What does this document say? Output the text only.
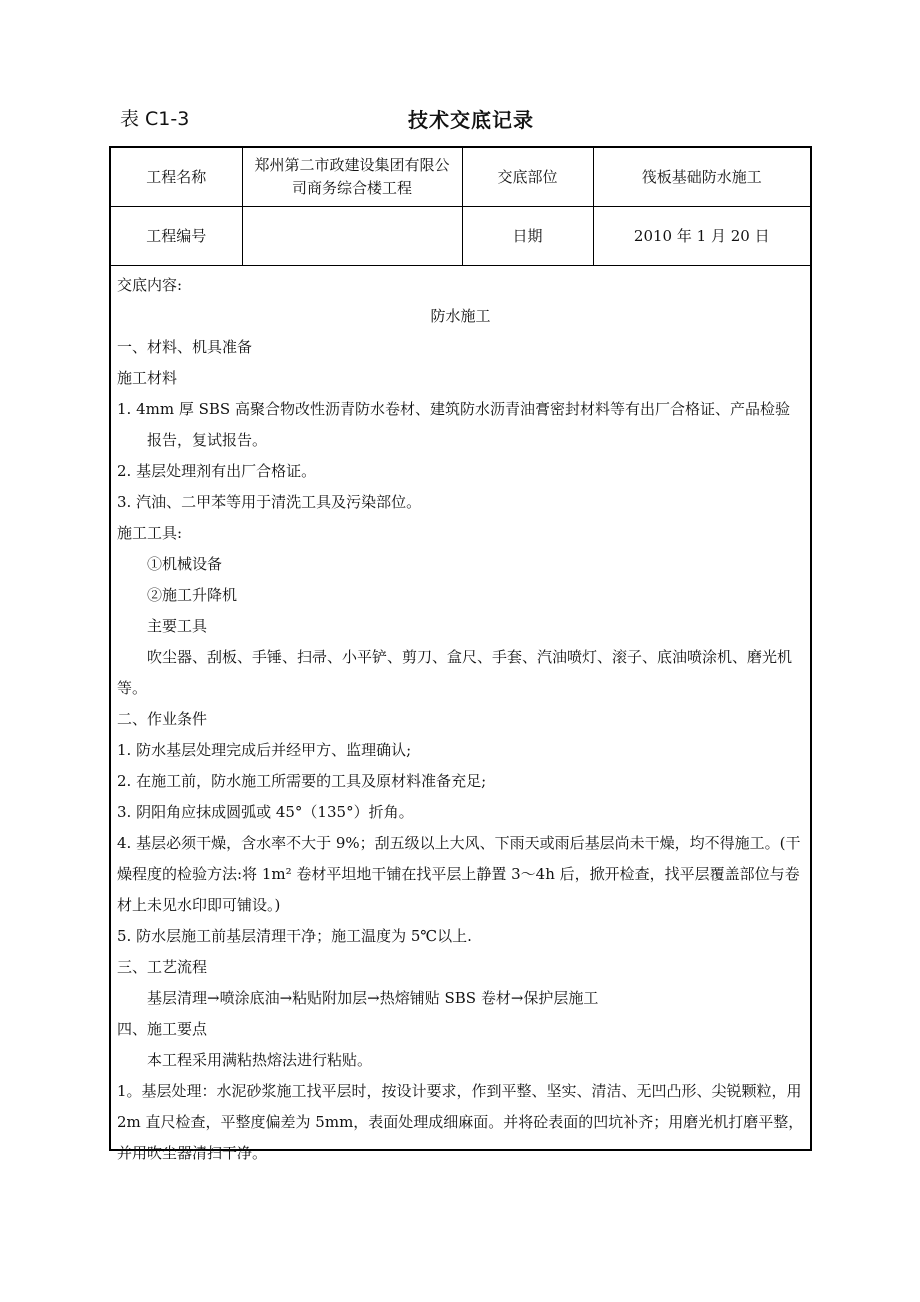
表 C1-3	技术交底记录
工程名称	郑州第二市政建设集团有限公司商务综合楼工程	交底部位	筏板基础防水施工
工程编号		日期	2010 年 1 月 20 日

交底内容:

防水施工

一、材料、机具准备

施工材料

1. 4mm 厚 SBS 高聚合物改性沥青防水卷材、建筑防水沥青油膏密封材料等有出厂合格证、产品检验报告，复试报告。

2. 基层处理剂有出厂合格证。

3. 汽油、二甲苯等用于清洗工具及污染部位。

施工工具:

①机械设备

②施工升降机

主要工具

吹尘器、刮板、手锤、扫帚、小平铲、剪刀、盒尺、手套、汽油喷灯、滚子、底油喷涂机、磨光机等。

二、作业条件

1. 防水基层处理完成后并经甲方、监理确认;

2. 在施工前，防水施工所需要的工具及原材料准备充足;

3. 阴阳角应抹成圆弧或 45°（135°）折角。

4. 基层必须干燥，含水率不大于 9%；刮五级以上大风、下雨天或雨后基层尚未干燥，均不得施工。(干燥程度的检验方法:将 1m² 卷材平坦地干铺在找平层上静置 3～4h 后，掀开检查，找平层覆盖部位与卷材上未见水印即可铺设。)

5. 防水层施工前基层清理干净；施工温度为 5℃以上.

三、工艺流程

基层清理→喷涂底油→粘贴附加层→热熔铺贴 SBS 卷材→保护层施工

四、施工要点

本工程采用满粘热熔法进行粘贴。

1。基层处理：水泥砂浆施工找平层时，按设计要求，作到平整、坚实、清洁、无凹凸形、尖锐颗粒，用 2m 直尺检查，平整度偏差为 5mm，表面处理成细麻面。并将砼表面的凹坑补齐；用磨光机打磨平整，并用吹尘器清扫干净。
